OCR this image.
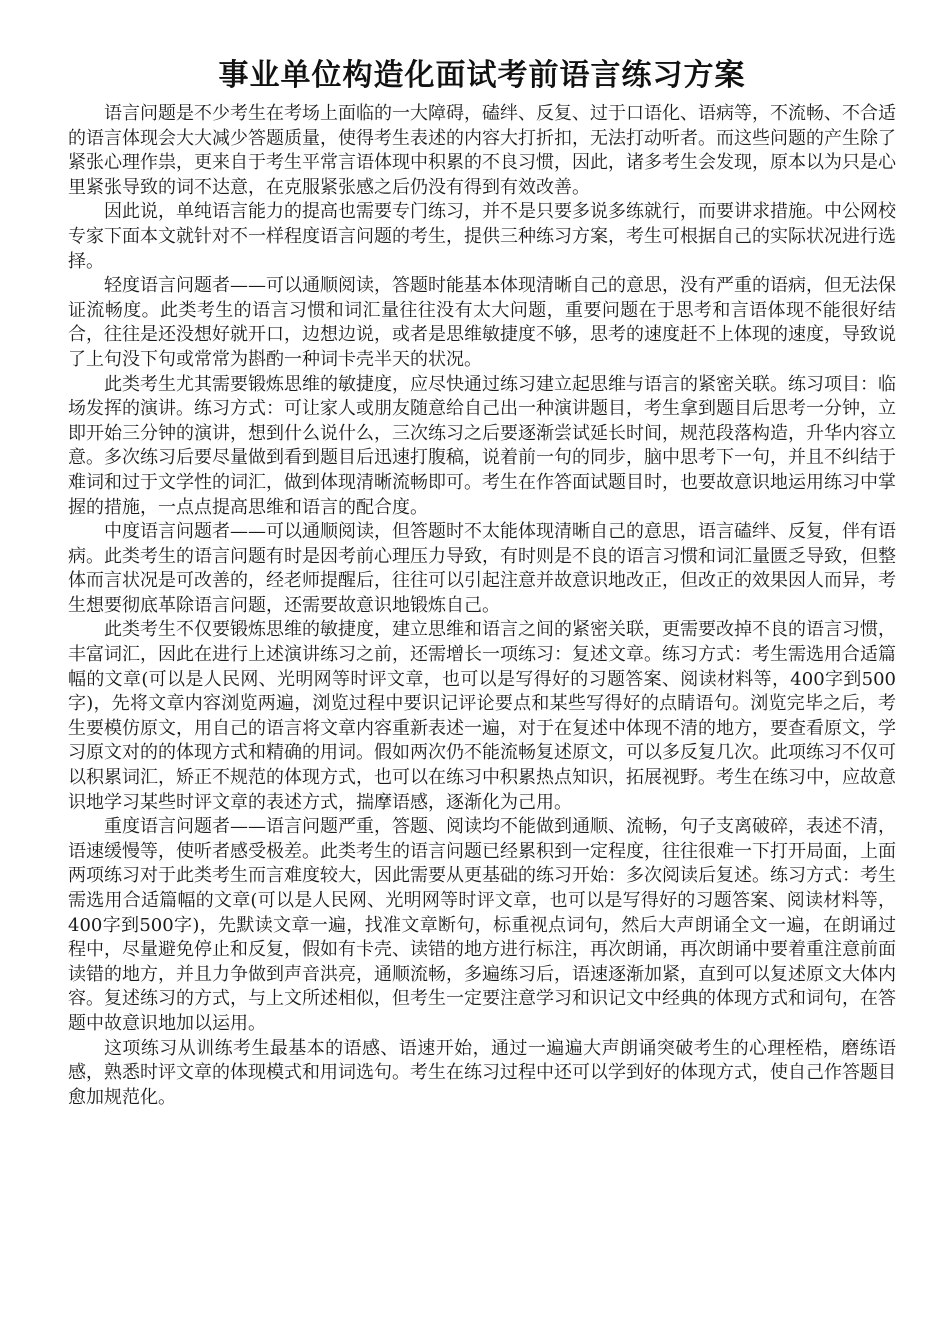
事业单位构造化面试考前语言练习方案

语言问题是不少考生在考场上面临的一大障碍，磕绊、反复、过于口语化、语病等，不流畅、不合适的语言体现会大大减少答题质量，使得考生表述的内容大打折扣，无法打动听者。而这些问题的产生除了紧张心理作祟，更来自于考生平常言语体现中积累的不良习惯，因此，诸多考生会发现，原本以为只是心里紧张导致的词不达意，在克服紧张感之后仍没有得到有效改善。

因此说，单纯语言能力的提高也需要专门练习，并不是只要多说多练就行，而要讲求措施。中公网校专家下面本文就针对不一样程度语言问题的考生，提供三种练习方案，考生可根据自己的实际状况进行选择。

轻度语言问题者——可以通顺阅读，答题时能基本体现清晰自己的意思，没有严重的语病，但无法保证流畅度。此类考生的语言习惯和词汇量往往没有太大问题，重要问题在于思考和言语体现不能很好结合，往往是还没想好就开口，边想边说，或者是思维敏捷度不够，思考的速度赶不上体现的速度，导致说了上句没下句或常常为斟酌一种词卡壳半天的状况。

此类考生尤其需要锻炼思维的敏捷度，应尽快通过练习建立起思维与语言的紧密关联。练习项目：临场发挥的演讲。练习方式：可让家人或朋友随意给自己出一种演讲题目，考生拿到题目后思考一分钟，立即开始三分钟的演讲，想到什么说什么，三次练习之后要逐渐尝试延长时间，规范段落构造，升华内容立意。多次练习后要尽量做到看到题目后迅速打腹稿，说着前一句的同步，脑中思考下一句，并且不纠结于难词和过于文学性的词汇，做到体现清晰流畅即可。考生在作答面试题目时，也要故意识地运用练习中掌握的措施，一点点提高思维和语言的配合度。

中度语言问题者——可以通顺阅读，但答题时不太能体现清晰自己的意思，语言磕绊、反复，伴有语病。此类考生的语言问题有时是因考前心理压力导致，有时则是不良的语言习惯和词汇量匮乏导致，但整体而言状况是可改善的，经老师提醒后，往往可以引起注意并故意识地改正，但改正的效果因人而异，考生想要彻底革除语言问题，还需要故意识地锻炼自己。

此类考生不仅要锻炼思维的敏捷度，建立思维和语言之间的紧密关联，更需要改掉不良的语言习惯，丰富词汇，因此在进行上述演讲练习之前，还需增长一项练习：复述文章。练习方式：考生需选用合适篇幅的文章(可以是人民网、光明网等时评文章，也可以是写得好的习题答案、阅读材料等，400字到500字)，先将文章内容浏览两遍，浏览过程中要识记评论要点和某些写得好的点睛语句。浏览完毕之后，考生要模仿原文，用自己的语言将文章内容重新表述一遍，对于在复述中体现不清的地方，要查看原文，学习原文对的的体现方式和精确的用词。假如两次仍不能流畅复述原文，可以多反复几次。此项练习不仅可以积累词汇，矫正不规范的体现方式，也可以在练习中积累热点知识，拓展视野。考生在练习中，应故意识地学习某些时评文章的表述方式，揣摩语感，逐渐化为己用。

重度语言问题者——语言问题严重，答题、阅读均不能做到通顺、流畅，句子支离破碎，表述不清，语速缓慢等，使听者感受极差。此类考生的语言问题已经累积到一定程度，往往很难一下打开局面，上面两项练习对于此类考生而言难度较大，因此需要从更基础的练习开始：多次阅读后复述。练习方式：考生需选用合适篇幅的文章(可以是人民网、光明网等时评文章，也可以是写得好的习题答案、阅读材料等，400字到500字)，先默读文章一遍，找准文章断句，标重视点词句，然后大声朗诵全文一遍，在朗诵过程中，尽量避免停止和反复，假如有卡壳、读错的地方进行标注，再次朗诵，再次朗诵中要着重注意前面读错的地方，并且力争做到声音洪亮，通顺流畅，多遍练习后，语速逐渐加紧，直到可以复述原文大体内容。复述练习的方式，与上文所述相似，但考生一定要注意学习和识记文中经典的体现方式和词句，在答题中故意识地加以运用。

这项练习从训练考生最基本的语感、语速开始，通过一遍遍大声朗诵突破考生的心理桎梏，磨练语感，熟悉时评文章的体现模式和用词选句。考生在练习过程中还可以学到好的体现方式，使自己作答题目愈加规范化。
